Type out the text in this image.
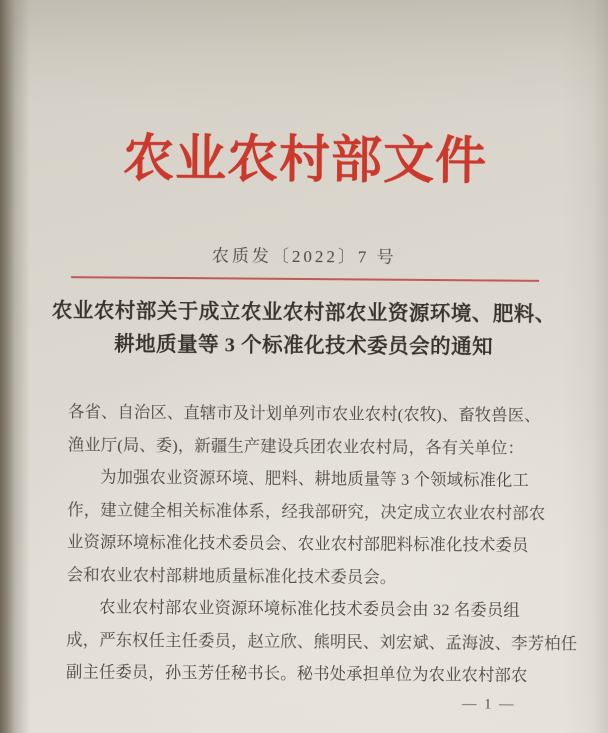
农业农村部文件
农质发〔2022〕7 号
农业农村部关于成立农业农村部农业资源环境、肥料、
耕地质量等 3 个标准化技术委员会的通知
各省、自治区、直辖市及计划单列市农业农村(农牧)、畜牧兽医、
渔业厅(局、委)，新疆生产建设兵团农业农村局，各有关单位：
为加强农业资源环境、肥料、耕地质量等 3 个领域标准化工
作，建立健全相关标准体系，经我部研究，决定成立农业农村部农
业资源环境标准化技术委员会、农业农村部肥料标准化技术委员
会和农业农村部耕地质量标准化技术委员会。
农业农村部农业资源环境标准化技术委员会由 32 名委员组
成，严东权任主任委员，赵立欣、熊明民、刘宏斌、孟海波、李芳柏任
副主任委员，孙玉芳任秘书长。秘书处承担单位为农业农村部农
— 1 —
